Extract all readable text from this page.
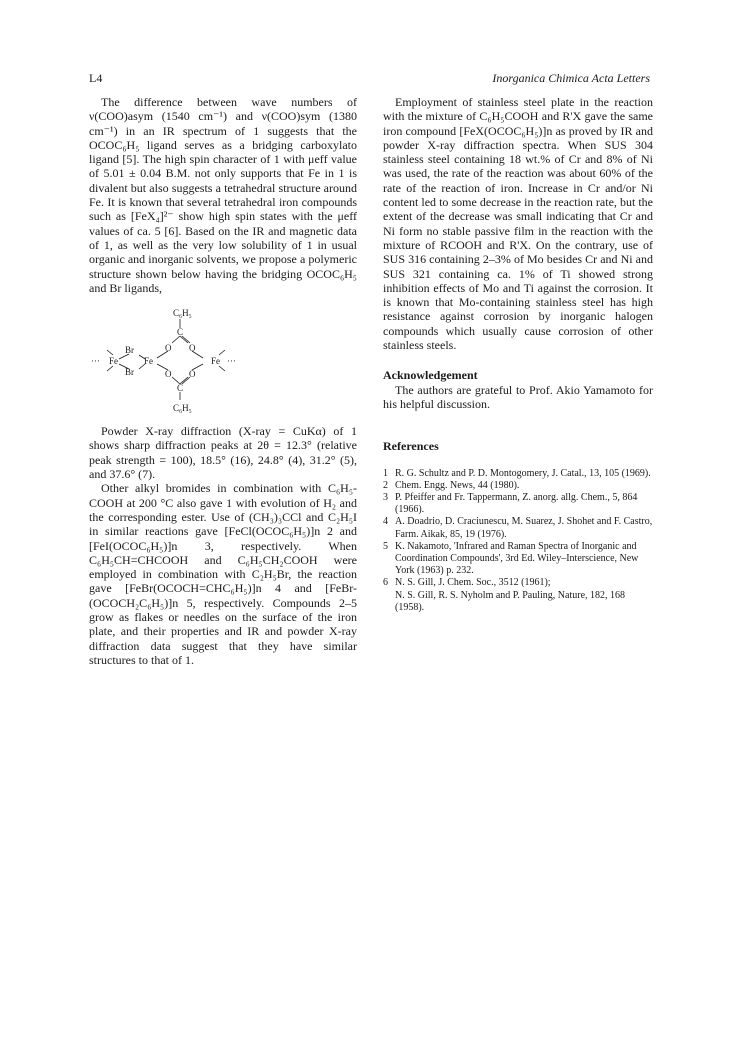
L4	Inorganica Chimica Acta Letters

The difference between wave numbers of ν(COO)asym (1540 cm⁻¹) and ν(COO)sym (1380 cm⁻¹) in an IR spectrum of 1 suggests that the OCOC₆H₅ ligand serves as a bridging carboxylato ligand [5]. The high spin character of 1 with μeff value of 5.01 ± 0.04 B.M. not only supports that Fe in 1 is divalent but also suggests a tetrahedral structure around Fe. It is known that several tetrahedral iron compounds such as [FeX₄]²⁻ show high spin states with the μeff values of ca. 5 [6]. Based on the IR and magnetic data of 1, as well as the very low solubility of 1 in usual organic and inorganic solvents, we propose a polymeric structure shown below having the bridging OCOC₆H₅ and Br ligands,

C₆H₅
C
O O
O O
C
C₆H₅
Fe	Fe	Fe
Br
Br
···	···

Powder X-ray diffraction (X-ray = CuKα) of 1 shows sharp diffraction peaks at 2θ = 12.3° (relative peak strength = 100), 18.5° (16), 24.8° (4), 31.2° (5), and 37.6° (7).

Other alkyl bromides in combination with C₆H₅-COOH at 200 °C also gave 1 with evolution of H₂ and the corresponding ester. Use of (CH₃)₃CCl and C₂H₅I in similar reactions gave [FeCl(OCOC₆H₅)]n 2 and [FeI(OCOC₆H₅)]n 3, respectively. When C₆H₅CH=CHCOOH and C₆H₅CH₂COOH were employed in combination with C₂H₅Br, the reaction gave [FeBr(OCOCH=CHC₆H₅)]n 4 and [FeBr-(OCOCH₂C₆H₅)]n 5, respectively. Compounds 2–5 grow as flakes or needles on the surface of the iron plate, and their properties and IR and powder X-ray diffraction data suggest that they have similar structures to that of 1.

Employment of stainless steel plate in the reaction with the mixture of C₆H₅COOH and R'X gave the same iron compound [FeX(OCOC₆H₅)]n as proved by IR and powder X-ray diffraction spectra. When SUS 304 stainless steel containing 18 wt.% of Cr and 8% of Ni was used, the rate of the reaction was about 60% of the rate of the reaction of iron. Increase in Cr and/or Ni content led to some decrease in the reaction rate, but the extent of the decrease was small indicating that Cr and Ni form no stable passive film in the reaction with the mixture of RCOOH and R'X. On the contrary, use of SUS 316 containing 2–3% of Mo besides Cr and Ni and SUS 321 containing ca. 1% of Ti showed strong inhibition effects of Mo and Ti against the corrosion. It is known that Mo-containing stainless steel has high resistance against corrosion by inorganic halogen compounds which usually cause corrosion of other stainless steels.

Acknowledgement

The authors are grateful to Prof. Akio Yamamoto for his helpful discussion.

References
1 R. G. Schultz and P. D. Montogomery, J. Catal., 13, 105 (1969).
2 Chem. Engg. News, 44 (1980).
3 P. Pfeiffer and Fr. Tappermann, Z. anorg. allg. Chem., 5, 864 (1966).
4 A. Doadrio, D. Craciunescu, M. Suarez, J. Shohet and F. Castro, Farm. Aikak, 85, 19 (1976).
5 K. Nakamoto, 'Infrared and Raman Spectra of Inorganic and Coordination Compounds', 3rd Ed. Wiley–Interscience, New York (1963) p. 232.
6 N. S. Gill, J. Chem. Soc., 3512 (1961);
N. S. Gill, R. S. Nyholm and P. Pauling, Nature, 182, 168 (1958).
